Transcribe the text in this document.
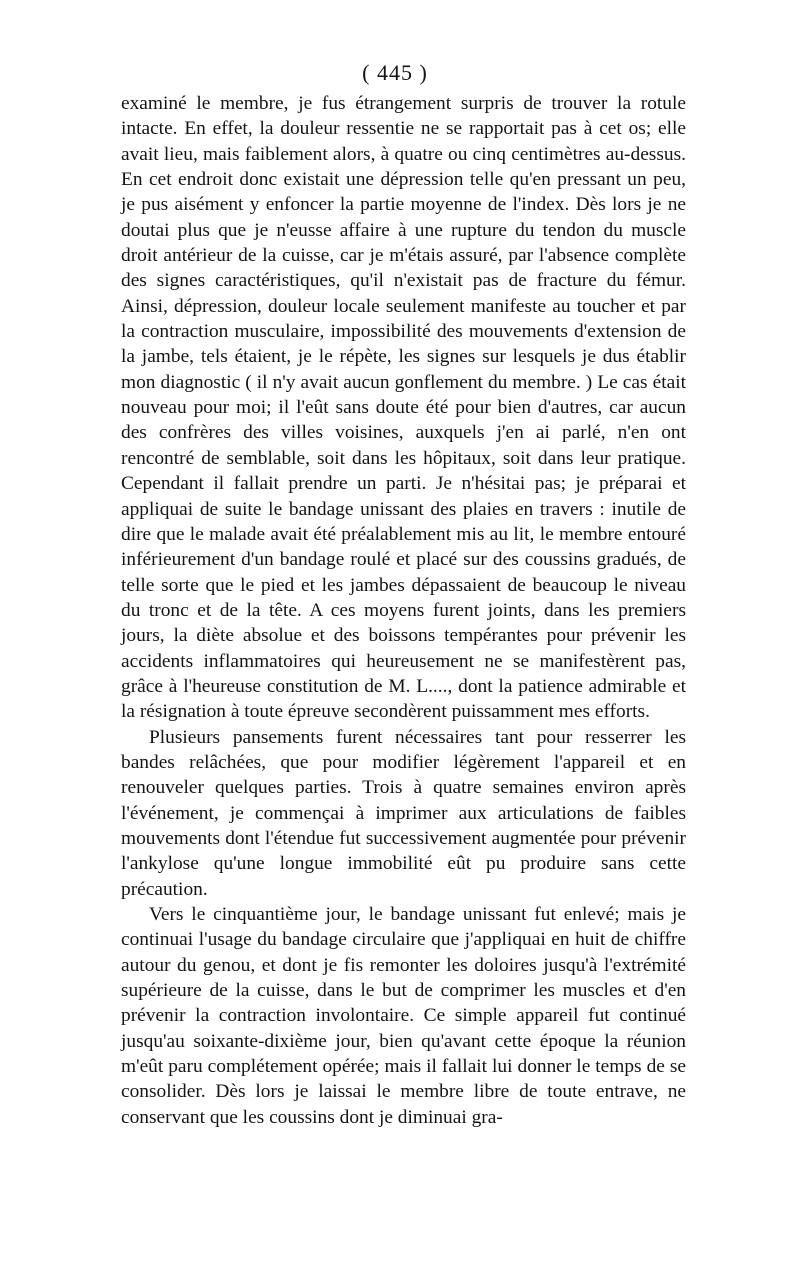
( 445 )

examiné le membre, je fus étrangement surpris de trouver la rotule intacte. En effet, la douleur ressentie ne se rapportait pas à cet os; elle avait lieu, mais faiblement alors, à quatre ou cinq centimètres au-dessus. En cet endroit donc existait une dépression telle qu'en pressant un peu, je pus aisément y enfoncer la partie moyenne de l'index. Dès lors je ne doutai plus que je n'eusse affaire à une rupture du tendon du muscle droit antérieur de la cuisse, car je m'étais assuré, par l'absence complète des signes caractéristiques, qu'il n'existait pas de fracture du fémur. Ainsi, dépression, douleur locale seulement manifeste au toucher et par la contraction musculaire, impossibilité des mouvements d'extension de la jambe, tels étaient, je le répète, les signes sur lesquels je dus établir mon diagnostic ( il n'y avait aucun gonflement du membre. ) Le cas était nouveau pour moi; il l'eût sans doute été pour bien d'autres, car aucun des confrères des villes voisines, auxquels j'en ai parlé, n'en ont rencontré de semblable, soit dans les hôpitaux, soit dans leur pratique. Cependant il fallait prendre un parti. Je n'hésitai pas; je préparai et appliquai de suite le bandage unissant des plaies en travers : inutile de dire que le malade avait été préalablement mis au lit, le membre entouré inférieurement d'un bandage roulé et placé sur des coussins gradués, de telle sorte que le pied et les jambes dépassaient de beaucoup le niveau du tronc et de la tête. A ces moyens furent joints, dans les premiers jours, la diète absolue et des boissons tempérantes pour prévenir les accidents inflammatoires qui heureusement ne se manifestèrent pas, grâce à l'heureuse constitution de M. L...., dont la patience admirable et la résignation à toute épreuve secondèrent puissamment mes efforts.

Plusieurs pansements furent nécessaires tant pour resserrer les bandes relâchées, que pour modifier légèrement l'appareil et en renouveler quelques parties. Trois à quatre semaines environ après l'événement, je commençai à imprimer aux articulations de faibles mouvements dont l'étendue fut successivement augmentée pour prévenir l'ankylose qu'une longue immobilité eût pu produire sans cette précaution.

Vers le cinquantième jour, le bandage unissant fut enlevé; mais je continuai l'usage du bandage circulaire que j'appliquai en huit de chiffre autour du genou, et dont je fis remonter les doloires jusqu'à l'extrémité supérieure de la cuisse, dans le but de comprimer les muscles et d'en prévenir la contraction involontaire. Ce simple appareil fut continué jusqu'au soixante-dixième jour, bien qu'avant cette époque la réunion m'eût paru complétement opérée; mais il fallait lui donner le temps de se consolider. Dès lors je laissai le membre libre de toute entrave, ne conservant que les coussins dont je diminuai gra-
